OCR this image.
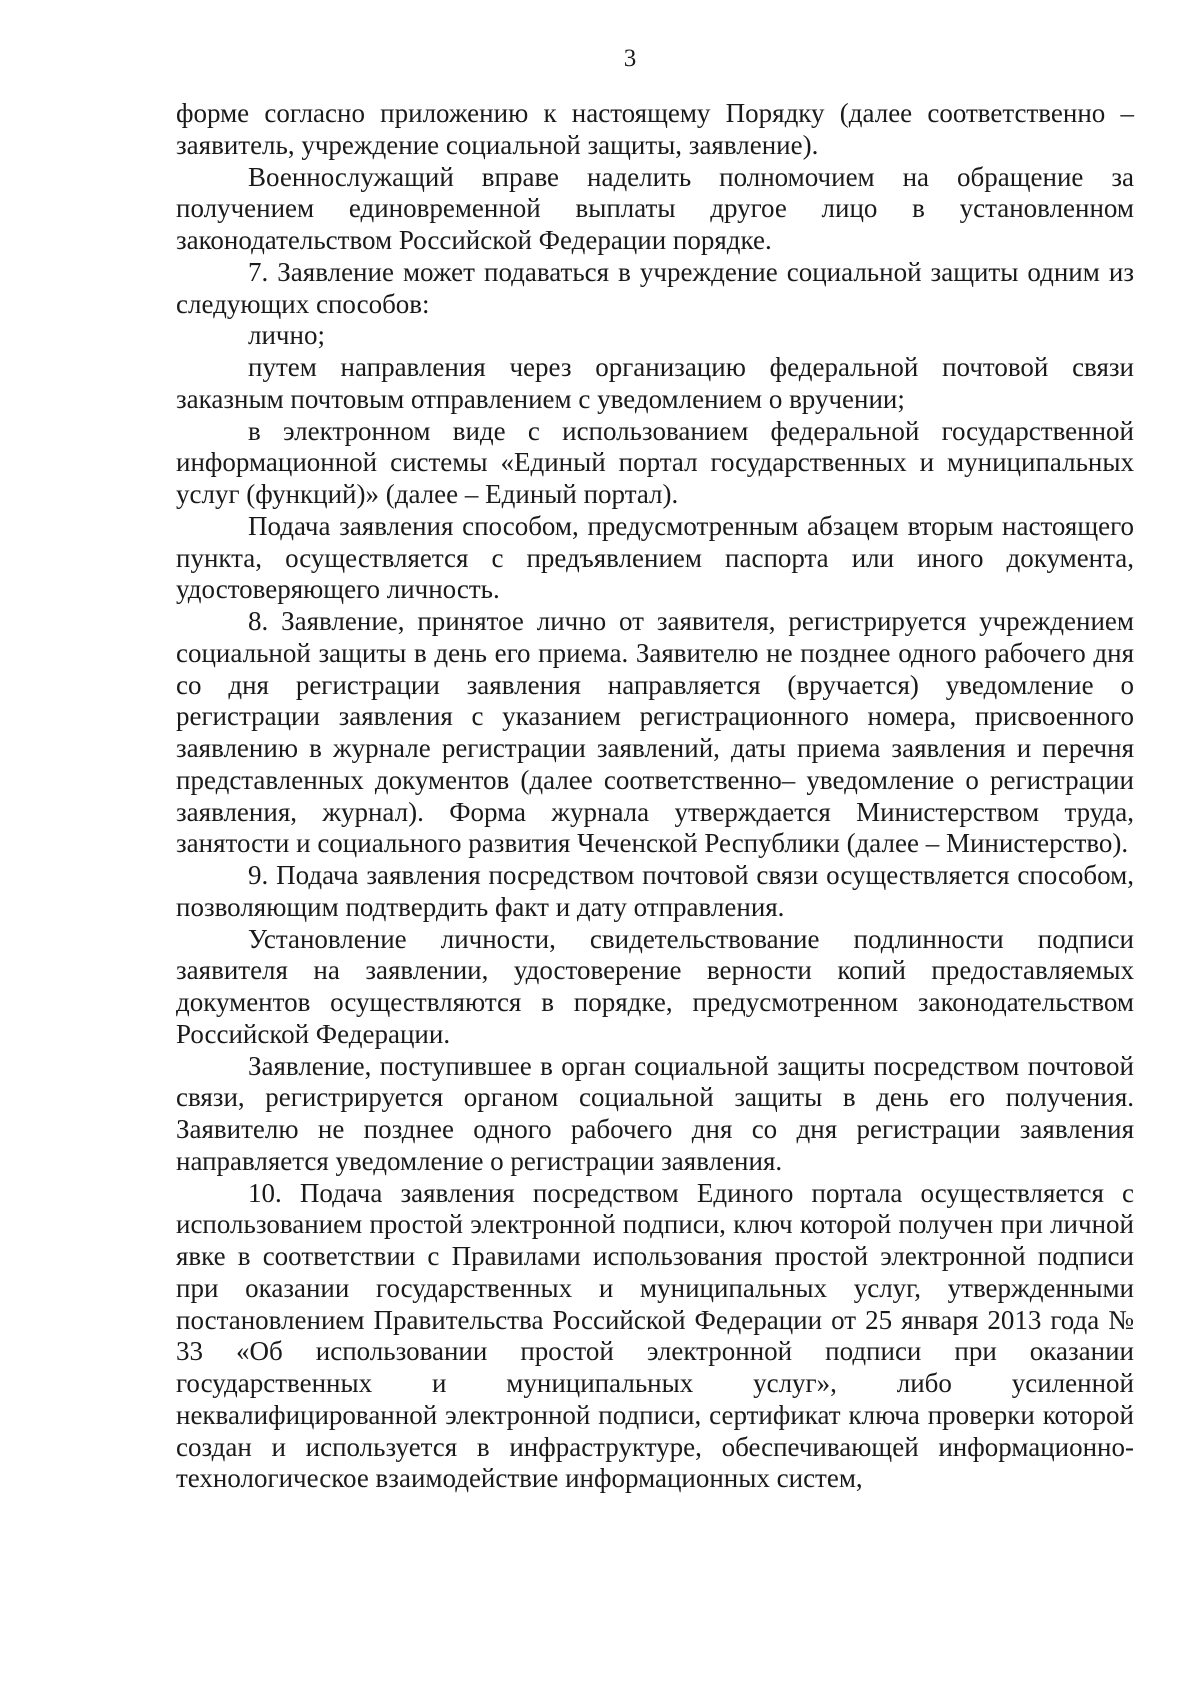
3

форме согласно приложению к настоящему Порядку (далее соответственно – заявитель, учреждение социальной защиты, заявление).

Военнослужащий вправе наделить полномочием на обращение за получением единовременной выплаты другое лицо в установленном законодательством Российской Федерации порядке.

7. Заявление может подаваться в учреждение социальной защиты одним из следующих способов:

лично;

путем направления через организацию федеральной почтовой связи заказным почтовым отправлением с уведомлением о вручении;

в электронном виде с использованием федеральной государственной информационной системы «Единый портал государственных и муниципальных услуг (функций)» (далее – Единый портал).

Подача заявления способом, предусмотренным абзацем вторым настоящего пункта, осуществляется с предъявлением паспорта или иного документа, удостоверяющего личность.

8. Заявление, принятое лично от заявителя, регистрируется учреждением социальной защиты в день его приема. Заявителю не позднее одного рабочего дня со дня регистрации заявления направляется (вручается) уведомление о регистрации заявления с указанием регистрационного номера, присвоенного заявлению в журнале регистрации заявлений, даты приема заявления и перечня представленных документов (далее соответственно– уведомление о регистрации заявления, журнал). Форма журнала утверждается Министерством труда, занятости и социального развития Чеченской Республики (далее – Министерство).

9. Подача заявления посредством почтовой связи осуществляется способом, позволяющим подтвердить факт и дату отправления.

Установление личности, свидетельствование подлинности подписи заявителя на заявлении, удостоверение верности копий предоставляемых документов осуществляются в порядке, предусмотренном законодательством Российской Федерации.

Заявление, поступившее в орган социальной защиты посредством почтовой связи, регистрируется органом социальной защиты в день его получения. Заявителю не позднее одного рабочего дня со дня регистрации заявления направляется уведомление о регистрации заявления.

10. Подача заявления посредством Единого портала осуществляется с использованием простой электронной подписи, ключ которой получен при личной явке в соответствии с Правилами использования простой электронной подписи при оказании государственных и муниципальных услуг, утвержденными постановлением Правительства Российской Федерации от 25 января 2013 года № 33 «Об использовании простой электронной подписи при оказании государственных и муниципальных услуг», либо усиленной неквалифицированной электронной подписи, сертификат ключа проверки которой создан и используется в инфраструктуре, обеспечивающей информационно-технологическое взаимодействие информационных систем,
